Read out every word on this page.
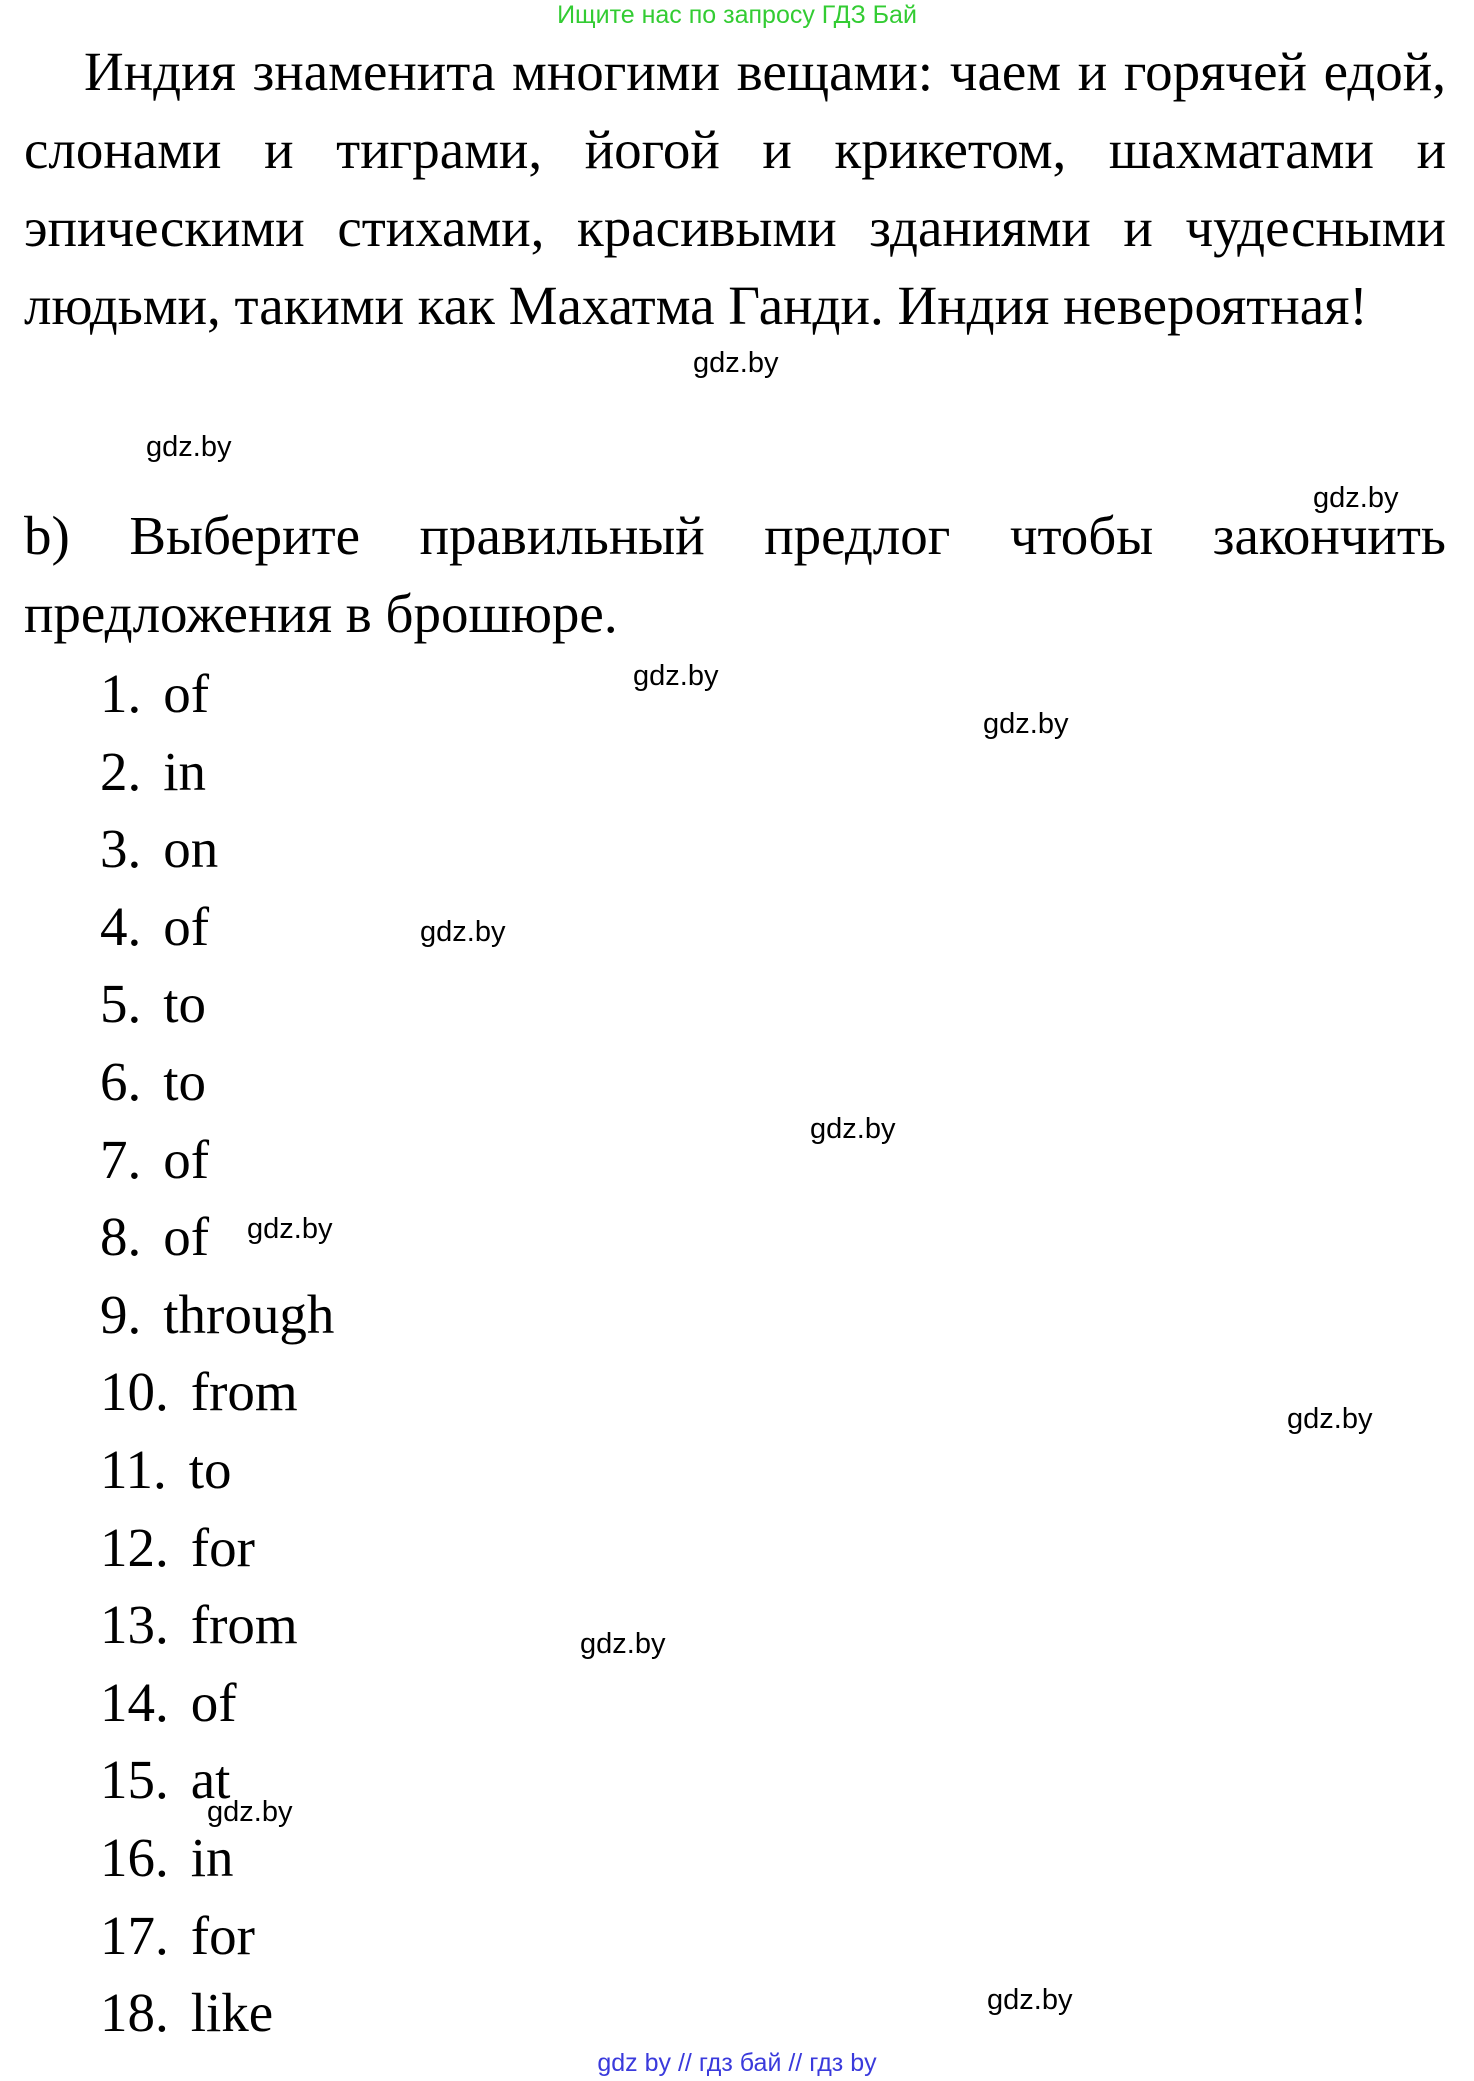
Ищите нас по запросу ГДЗ Бай

Индия знаменита многими вещами: чаем и горячей едой, слонами и тиграми, йогой и крикетом, шахматами и эпическими стихами, красивыми зданиями и чудесными людьми, такими как Махатма Ганди. Индия невероятная!

b) Выберите правильный предлог чтобы закончить предложения в брошюре.

1. of
2. in
3. on
4. of
5. to
6. to
7. of
8. of
9. through
10. from
11. to
12. for
13. from
14. of
15. at
16. in
17. for
18. like
gdz.by
gdz.by
gdz.by
gdz.by
gdz.by
gdz.by
gdz.by
gdz.by
gdz.by
gdz.by
gdz.by
gdz.by
gdz by // гдз бай // гдз by
